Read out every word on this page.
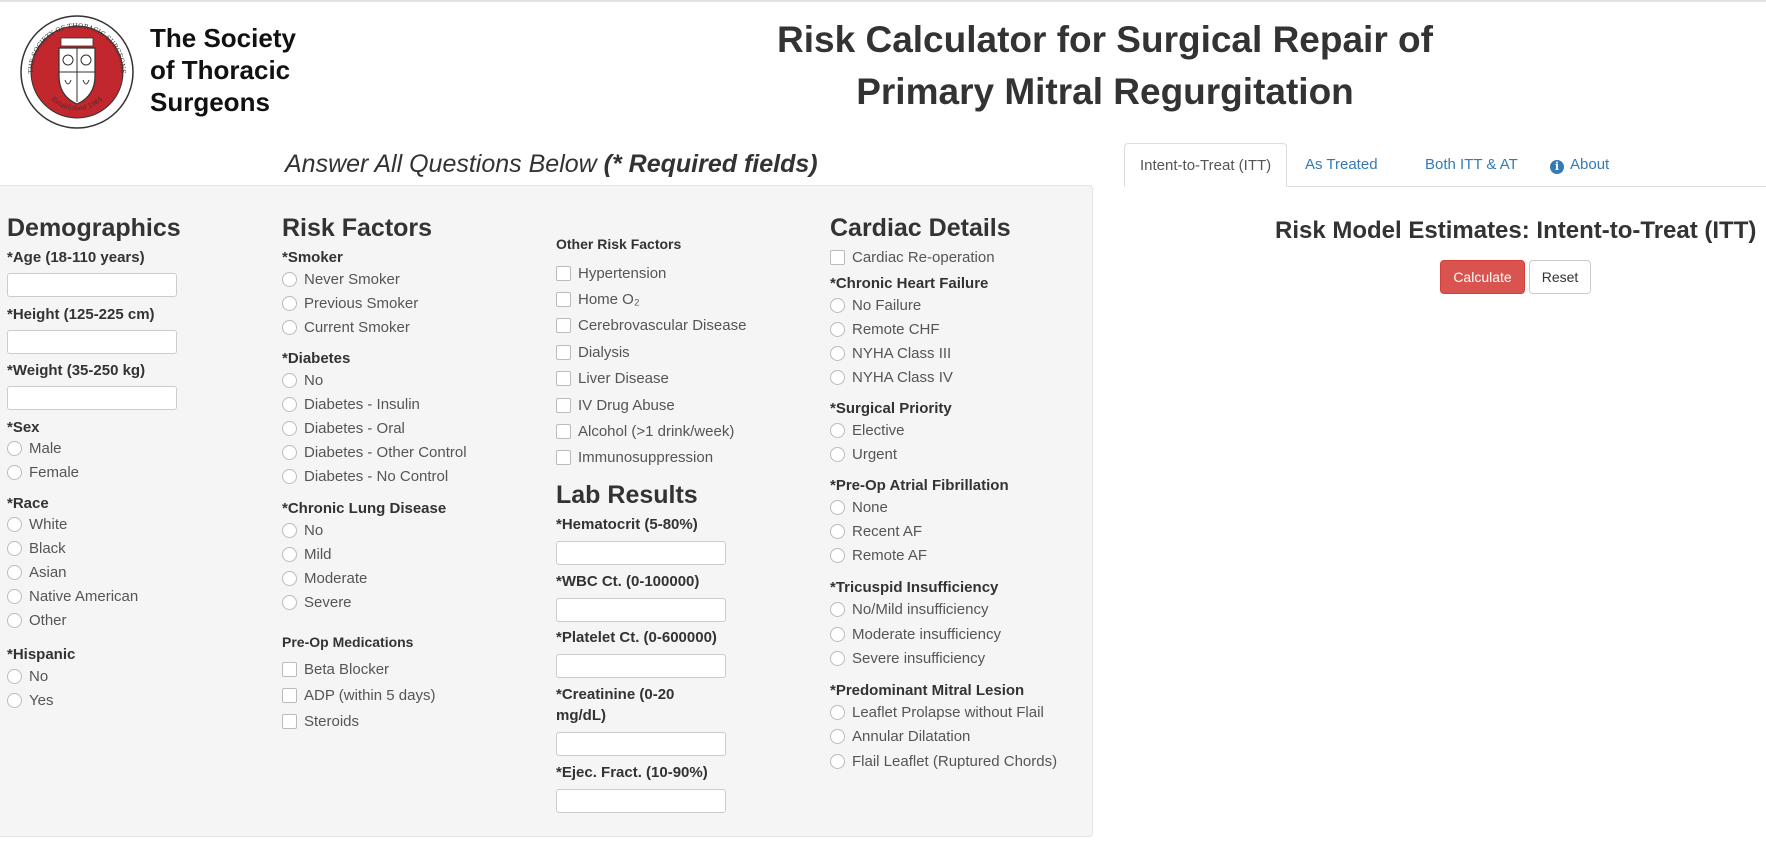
THE SOCIETY OF THORACIC SURGEONS
Established 1964
The Society
of Thoracic
Surgeons
Risk Calculator for Surgical Repair of
Primary Mitral Regurgitation
Answer All Questions Below (* Required fields)	Intent-to-Treat (ITT)	As Treated	Both ITT & AT	i About
Risk Model Estimates: Intent-to-Treat (ITT)
Calculate	Reset
Demographics
*Age (18-110 years)
*Height (125-225 cm)
*Weight (35-250 kg)
*Sex
Male
Female
*Race
White
Black
Asian
Native American
Other
*Hispanic
No
Yes
Risk Factors
*Smoker
Never Smoker
Previous Smoker
Current Smoker
*Diabetes
No
Diabetes - Insulin
Diabetes - Oral
Diabetes - Other Control
Diabetes - No Control
*Chronic Lung Disease
No
Mild
Moderate
Severe
Pre-Op Medications
Beta Blocker
ADP (within 5 days)
Steroids
Other Risk Factors
Hypertension
Home O₂
Cerebrovascular Disease
Dialysis
Liver Disease
IV Drug Abuse
Alcohol (>1 drink/week)
Immunosuppression
Lab Results
*Hematocrit (5-80%)
*WBC Ct. (0-100000)
*Platelet Ct. (0-600000)
*Creatinine (0-20
mg/dL)
*Ejec. Fract. (10-90%)
Cardiac Details
Cardiac Re-operation
*Chronic Heart Failure
No Failure
Remote CHF
NYHA Class III
NYHA Class IV
*Surgical Priority
Elective
Urgent
*Pre-Op Atrial Fibrillation
None
Recent AF
Remote AF
*Tricuspid Insufficiency
No/Mild insufficiency
Moderate insufficiency
Severe insufficiency
*Predominant Mitral Lesion
Leaflet Prolapse without Flail
Annular Dilatation
Flail Leaflet (Ruptured Chords)
